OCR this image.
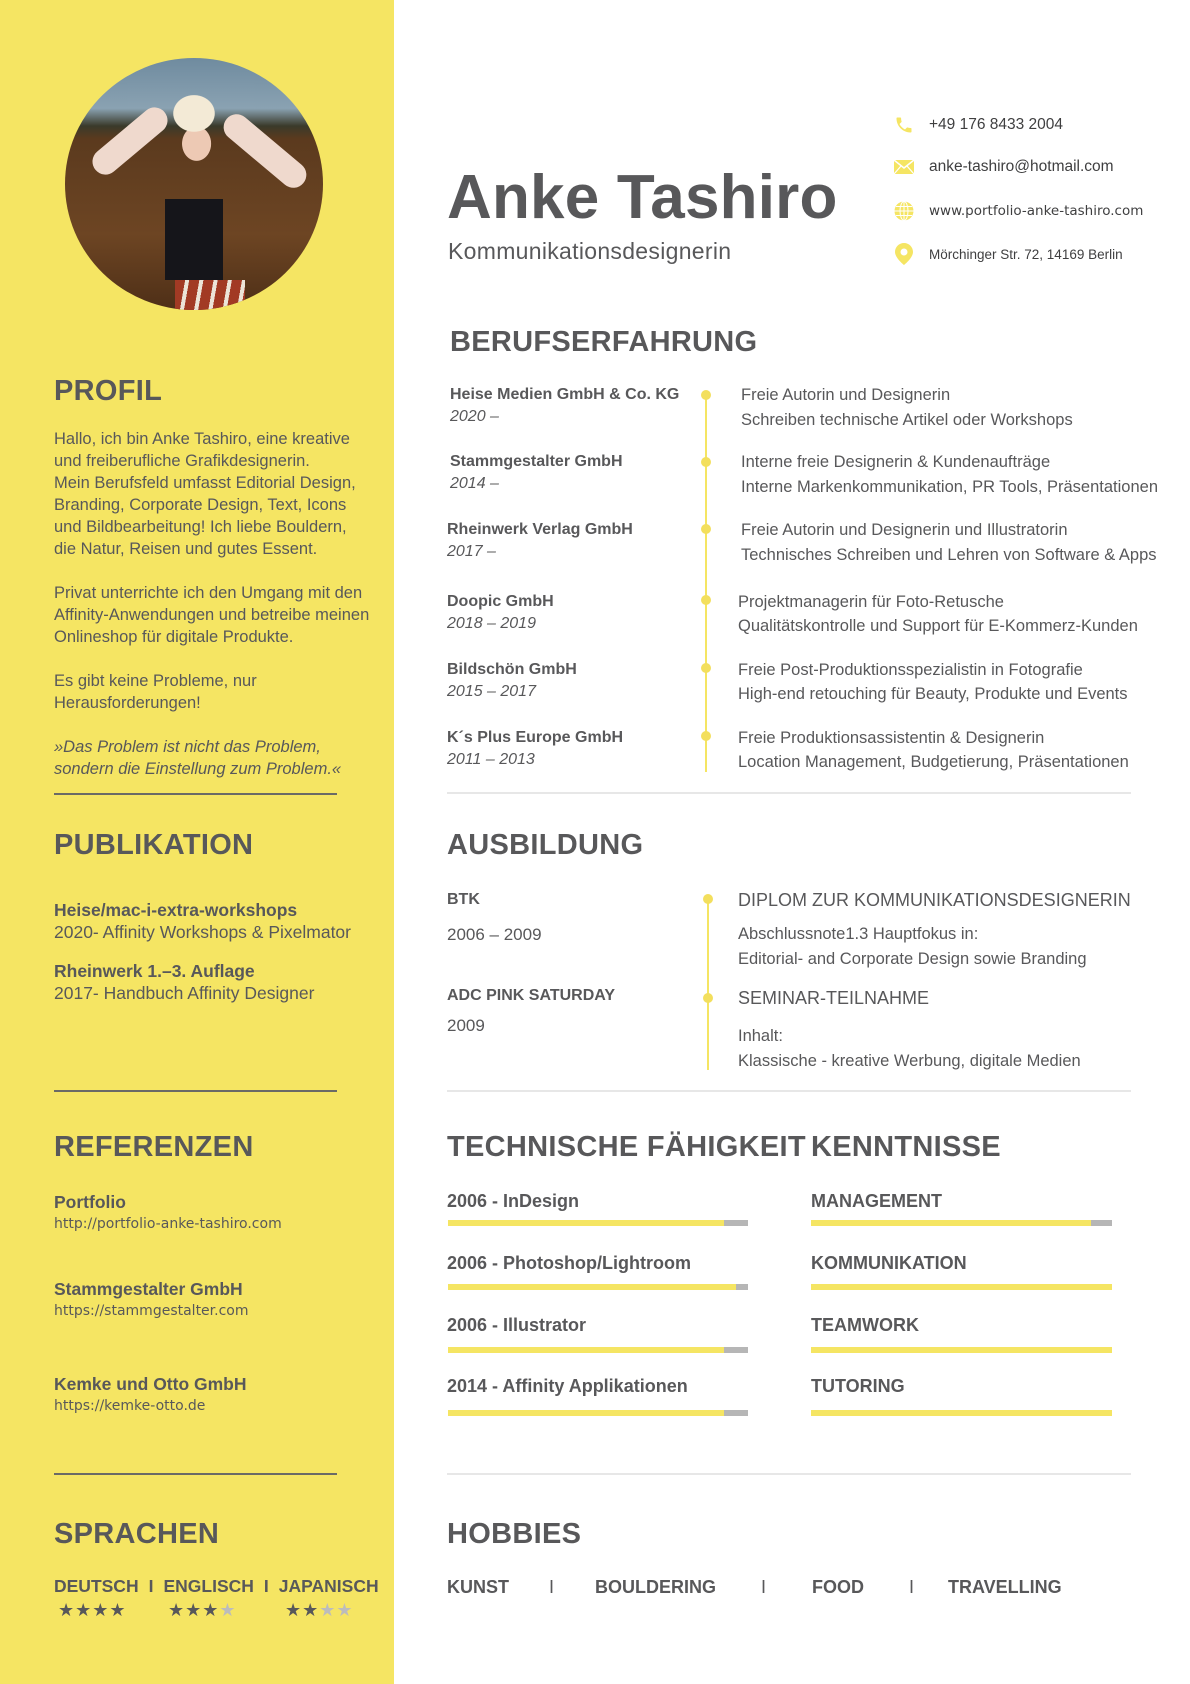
PROFIL
Hallo, ich bin Anke Tashiro, eine kreative
und freiberufliche Grafikdesignerin.
Mein Berufsfeld umfasst Editorial Design,
Branding, Corporate Design, Text, Icons
und Bildbearbeitung! Ich liebe Bouldern,
die Natur, Reisen und gutes Essent.
Privat unterrichte ich den Umgang mit den
Affinity-Anwendungen und betreibe meinen
Onlineshop für digitale Produkte.
Es gibt keine Probleme, nur
Herausforderungen!
»Das Problem ist nicht das Problem,
sondern die Einstellung zum Problem.«
PUBLIKATION
Heise/mac-i-extra-workshops
2020- Affinity Workshops & Pixelmator
Rheinwerk 1.–3. Auflage
2017- Handbuch Affinity Designer
REFERENZEN
Portfolio
http://portfolio-anke-tashiro.com
Stammgestalter GmbH
https://stammgestalter.com
Kemke und Otto GmbH
https://kemke-otto.de
SPRACHEN
DEUTSCH I ENGLISCH I JAPANISCH
★★★★ ★★★★	★★★★
Anke Tashiro
Kommunikationsdesignerin
+49 176 8433 2004
anke-tashiro@hotmail.com
www.portfolio-anke-tashiro.com
Mörchinger Str. 72, 14169 Berlin
BERUFSERFAHRUNG
Heise Medien GmbH & Co. KG
2020 –
Freie Autorin und Designerin
Schreiben technische Artikel oder Workshops
Stammgestalter GmbH
2014 –
Interne freie Designerin & Kundenaufträge
Interne Markenkommunikation, PR Tools, Präsentationen
Rheinwerk Verlag GmbH
2017 –
Freie Autorin und Designerin und Illustratorin
Technisches Schreiben und Lehren von Software & Apps
Doopic GmbH
2018 – 2019
Projektmanagerin für Foto-Retusche
Qualitätskontrolle und Support für E-Kommerz-Kunden
Bildschön GmbH
2015 – 2017
Freie Post-Produktionsspezialistin in Fotografie
High-end retouching für Beauty, Produkte und Events
K´s Plus Europe GmbH
2011 – 2013
Freie Produktionsassistentin & Designerin
Location Management, Budgetierung, Präsentationen
AUSBILDUNG
BTK
2006 – 2009
DIPLOM ZUR KOMMUNIKATIONSDESIGNERIN
Abschlussnote1.3 Hauptfokus in:
Editorial- and Corporate Design sowie Branding
ADC PINK SATURDAY
2009
SEMINAR-TEILNAHME
Inhalt:
Klassische - kreative Werbung, digitale Medien
TECHNISCHE FÄHIGKEIT
2006 - InDesign
2006 - Photoshop/Lightroom
2006 - Illustrator
2014 - Affinity Applikationen
KENNTNISSE
MANAGEMENT
KOMMUNIKATION
TEAMWORK
TUTORING
HOBBIES
KUNST I BOULDERING	I	FOOD	I TRAVELLING
